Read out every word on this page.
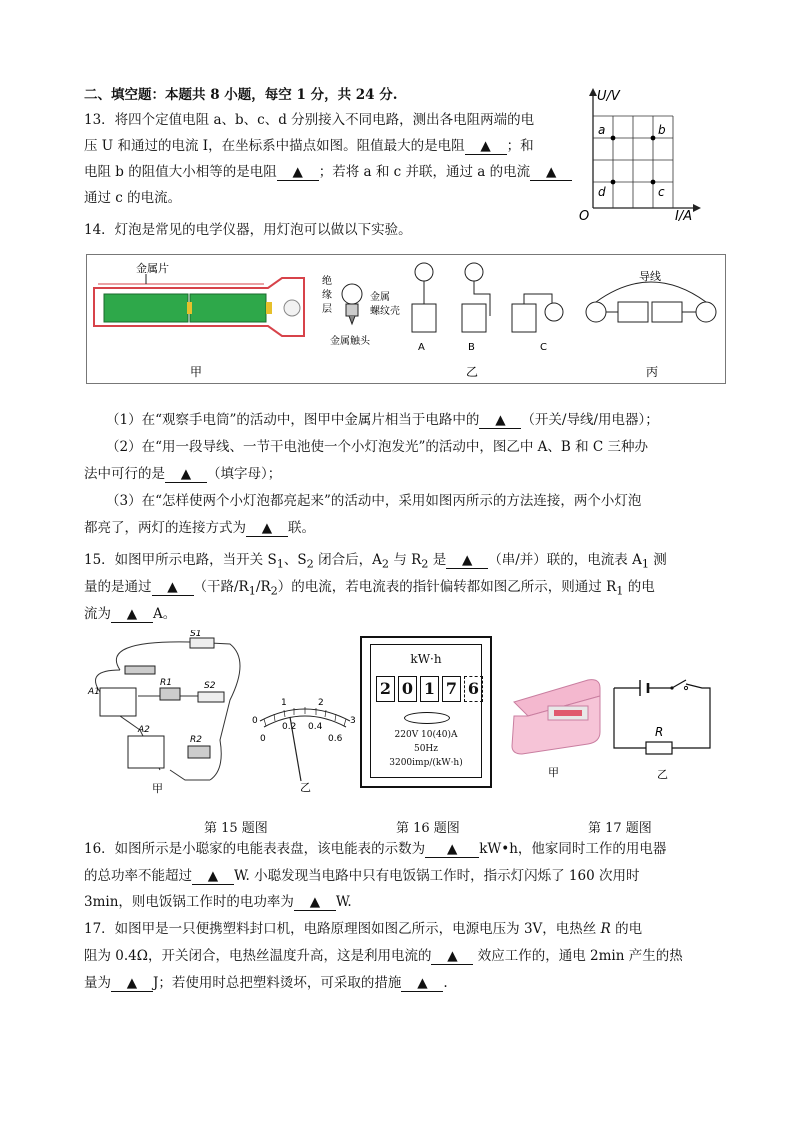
二、填空题：本题共 8 小题，每空 1 分，共 24 分.
13．将四个定值电阻 a、b、c、d 分别接入不同电路，测出各电阻两端的电
压 U 和通过的电流 I，在坐标系中描点如图。阻值最大的是电阻 ▲ ；和
电阻 b 的阻值大小相等的是电阻 ▲ ；若将 a 和 c 并联，通过 a 的电流 ▲
通过 c 的电流。
a	b
d	c
U/V
I/A
O
14．灯泡是常见的电学仪器，用灯泡可以做以下实验。
金属片
甲
绝
缘
层
金属
螺纹壳
金属触头
A	B	C
乙
导线
丙
（1）在“观察手电筒”的活动中，图甲中金属片相当于电路中的 ▲ （开关/导线/用电器）；
（2）在“用一段导线、一节干电池使一个小灯泡发光”的活动中，图乙中 A、B 和 C 三种办
法中可行的是 ▲ （填字母）；
（3）在“怎样使两个小灯泡都亮起来”的活动中，采用如图丙所示的方法连接，两个小灯泡
都亮了，两灯的连接方式为 ▲ 联。
15．如图甲所示电路，当开关 $S_1$、$S_2$ 闭合后，$A_2$ 与 $R_2$ 是 ▲ （串/并）联的，电流表 $A_1$ 测
量的是通过 ▲ （干路$/R_1/R_2$）的电流，若电流表的指针偏转都如图乙所示，则通过 $R_1$ 的电
流为 ▲ A。
S1
A1
R1	S2
A2
R2
甲
1	2
0	3
0
0.2 0.4
0.6
乙
kW·h
2 0 1 7 6
220V 10(40)A
50Hz
3200imp/(kW·h)
甲
R
乙
第 15 题图	第 16 题图	第 17 题图
16．如图所示是小聪家的电能表表盘，该电能表的示数为 ▲ kW•h，他家同时工作的用电器
的总功率不能超过 ▲ W. 小聪发现当电路中只有电饭锅工作时，指示灯闪烁了 160 次用时
3min，则电饭锅工作时的电功率为 ▲ W.
17．如图甲是一只便携塑料封口机，电路原理图如图乙所示，电源电压为 3V，电热丝 R 的电
阻为 0.4Ω，开关闭合，电热丝温度升高，这是利用电流的 ▲ 效应工作的，通电 2min 产生的热
量为 ▲ J；若使用时总把塑料烫坏，可采取的措施 ▲ .
